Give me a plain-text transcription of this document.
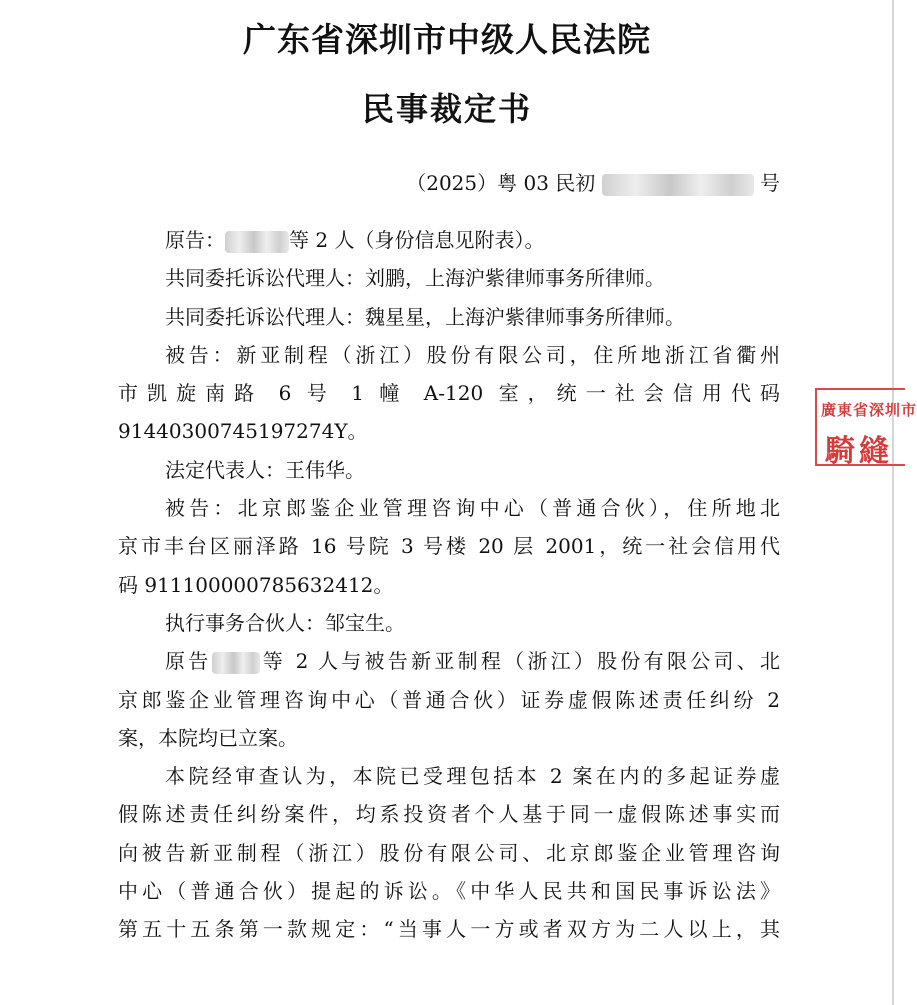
广东省深圳市中级人民法院
民事裁定书
（2025）粤 03 民初	号

原告：	等 2 人（身份信息见附表）。

共同委托诉讼代理人：刘鹏，上海沪紫律师事务所律师。

共同委托诉讼代理人：魏星星，上海沪紫律师事务所律师。

被告：新亚制程（浙江）股份有限公司，住所地浙江省衢州

市凯旋南路 6 号 1 幢 A-120 室，统一社会信用代码

91440300745197274Y。

法定代表人：王伟华。

被告：北京郎鉴企业管理咨询中心（普通合伙），住所地北

京市丰台区丽泽路 16 号院 3 号楼 20 层 2001，统一社会信用代

码 911100000785632412。

执行事务合伙人：邹宝生。

原告 等 2 人与被告新亚制程（浙江）股份有限公司、北

京郎鉴企业管理咨询中心（普通合伙）证券虚假陈述责任纠纷 2

案，本院均已立案。

本院经审查认为，本院已受理包括本 2 案在内的多起证券虚

假陈述责任纠纷案件，均系投资者个人基于同一虚假陈述事实而

向被告新亚制程（浙江）股份有限公司、北京郎鉴企业管理咨询

中心（普通合伙）提起的诉讼。《中华人民共和国民事诉讼法》

第五十五条第一款规定：“当事人一方或者双方为二人以上，其

廣東省深圳市
騎縫
